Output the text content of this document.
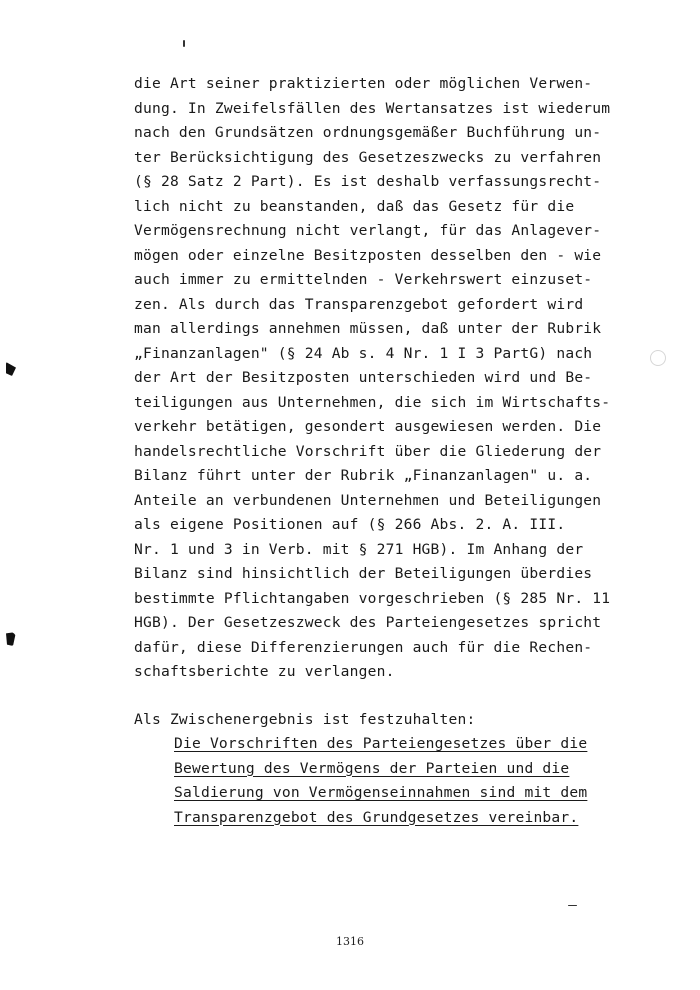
die Art seiner praktizierten oder möglichen Verwen-
dung. In Zweifelsfällen des Wertansatzes ist wiederum
nach den Grundsätzen ordnungsgemäßer Buchführung un-
ter Berücksichtigung des Gesetzeszwecks zu verfahren
(§ 28 Satz 2 Part). Es ist deshalb verfassungsrecht-
lich nicht zu beanstanden, daß das Gesetz für die
Vermögensrechnung nicht verlangt, für das Anlagever-
mögen oder einzelne Besitzposten desselben den - wie
auch immer zu ermittelnden - Verkehrswert einzuset-
zen. Als durch das Transparenzgebot gefordert wird
man allerdings annehmen müssen, daß unter der Rubrik
„Finanzanlagen" (§ 24 Ab s. 4 Nr. 1 I 3 PartG) nach
der Art der Besitzposten unterschieden wird und Be-
teiligungen aus Unternehmen, die sich im Wirtschafts-
verkehr betätigen, gesondert ausgewiesen werden. Die
handelsrechtliche Vorschrift über die Gliederung der
Bilanz führt unter der Rubrik „Finanzanlagen" u. a.
Anteile an verbundenen Unternehmen und Beteiligungen
als eigene Positionen auf (§ 266 Abs. 2. A. III.
Nr. 1 und 3 in Verb. mit § 271 HGB). Im Anhang der
Bilanz sind hinsichtlich der Beteiligungen überdies
bestimmte Pflichtangaben vorgeschrieben (§ 285 Nr. 11
HGB). Der Gesetzeszweck des Parteiengesetzes spricht
dafür, diese Differenzierungen auch für die Rechen-
schaftsberichte zu verlangen.
Als Zwischenergebnis ist festzuhalten:
Die Vorschriften des Parteiengesetzes über die
Bewertung des Vermögens der Parteien und die
Saldierung von Vermögenseinnahmen sind mit dem
Transparenzgebot des Grundgesetzes vereinbar.
1316
